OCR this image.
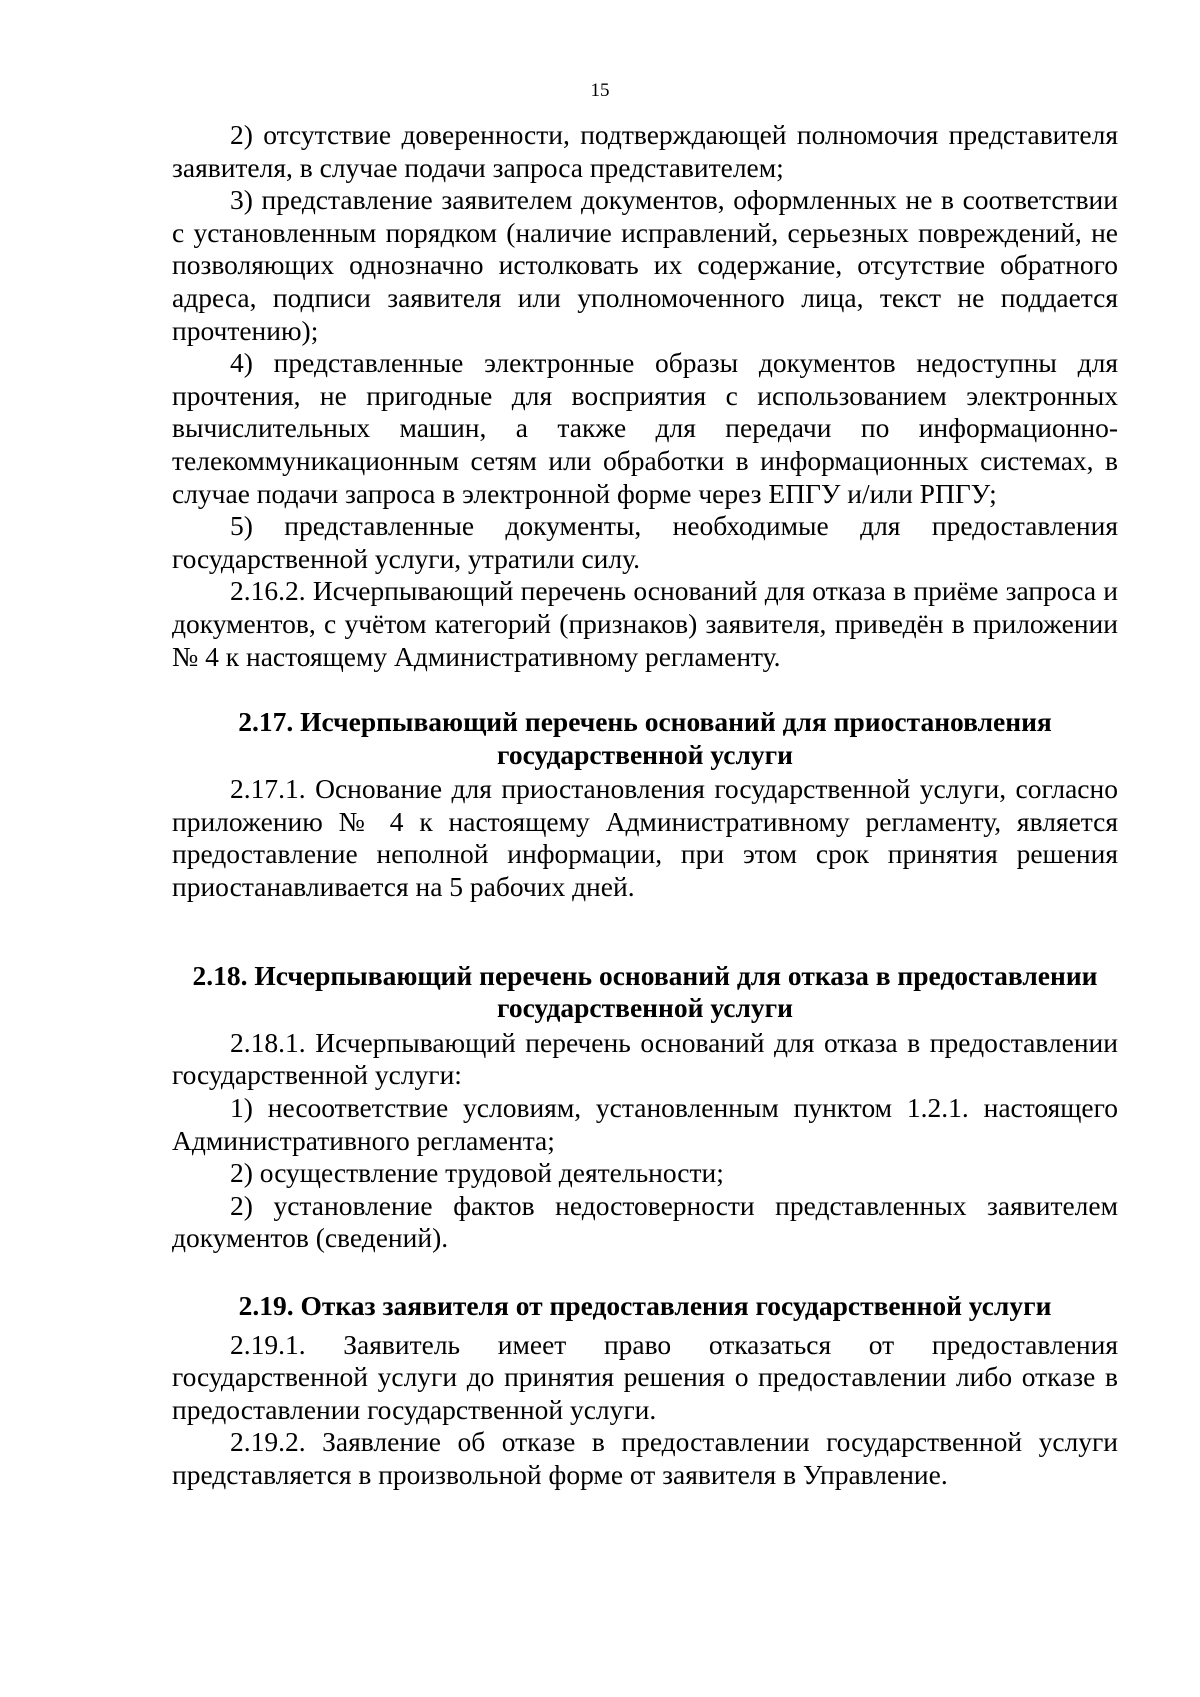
15

2) отсутствие доверенности, подтверждающей полномочия представителя заявителя, в случае подачи запроса представителем;

3) представление заявителем документов, оформленных не в соответствии с установленным порядком (наличие исправлений, серьезных повреждений, не позволяющих однозначно истолковать их содержание, отсутствие обратного адреса, подписи заявителя или уполномоченного лица, текст не поддается прочтению);

4) представленные электронные образы документов недоступны для прочтения, не пригодные для восприятия с использованием электронных вычислительных машин, а также для передачи по информационно-телекоммуникационным сетям или обработки в информационных системах, в случае подачи запроса в электронной форме через ЕПГУ и/или РПГУ;

5) представленные документы, необходимые для предоставления государственной услуги, утратили силу.

2.16.2. Исчерпывающий перечень оснований для отказа в приёме запроса и документов, с учётом категорий (признаков) заявителя, приведён в приложении № 4 к настоящему Административному регламенту.

2.17. Исчерпывающий перечень оснований для приостановления государственной услуги

2.17.1. Основание для приостановления государственной услуги, согласно приложению № 4 к настоящему Административному регламенту, является предоставление неполной информации, при этом срок принятия решения приостанавливается на 5 рабочих дней.

2.18. Исчерпывающий перечень оснований для отказа в предоставлении государственной услуги

2.18.1. Исчерпывающий перечень оснований для отказа в предоставлении государственной услуги:

1) несоответствие условиям, установленным пунктом 1.2.1. настоящего Административного регламента;

2) осуществление трудовой деятельности;

2) установление фактов недостоверности представленных заявителем документов (сведений).

2.19. Отказ заявителя от предоставления государственной услуги

2.19.1. Заявитель имеет право отказаться от предоставления государственной услуги до принятия решения о предоставлении либо отказе в предоставлении государственной услуги.

2.19.2. Заявление об отказе в предоставлении государственной услуги представляется в произвольной форме от заявителя в Управление.
